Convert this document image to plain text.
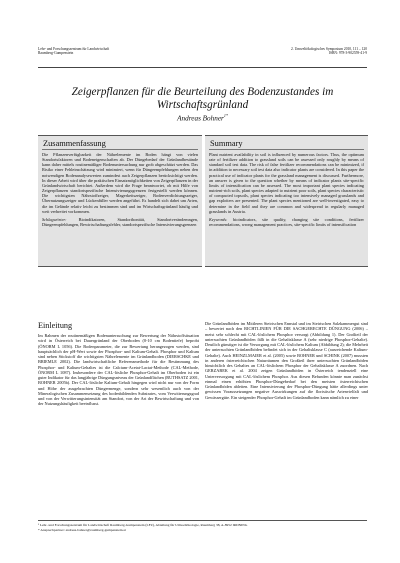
Lehr- und Forschungszentrum für Landwirtschaft
Raumberg-Gumpenstein
2. Umweltökologisches Symposium 2010, 111 – 120
ISBN: 978-3-902559-41-9
Zeigerpflanzen für die Beurteilung des Bodenzustandes im
Wirtschaftsgrünland
Andreas Bohner$^{1*}$
Zusammenfassung

Die Pflanzenverfügbarkeit der Nährelemente im Boden hängt von vielen Standortsfaktoren und Bodeneigenschaften ab. Der Düngebedarf der Grünlandbestände kann daher mittels routinemäßiger Bodenuntersuchung nur grob abgeschätzt werden. Das Risiko einer Fehleinschätzung wird minimiert, wenn für Düngeempfehlungen neben den notwendigen Bodenanalysewerten zumindest auch Zeigerpflanzen berücksichtigt werden. In dieser Arbeit wird über die praktischen Einsatzmöglichkeiten von Zeigerpflanzen in der Grünlandwirtschaft berichtet. Außerdem wird die Frage beantwortet, ob mit Hilfe von Zeigerpflanzen standortspezifische Intensivierungsgrenzen festgestellt werden können. Die wichtigsten Nährstoffzeiger, Magerkeitszeiger, Bodenverdichtungszeiger, Übernutzungszeiger und Lückenfüller werden angeführt. Es handelt sich dabei um Arten, die im Gelände relativ leicht zu bestimmen sind und im Wirtschaftsgrünland häufig und weit verbreitet vorkommen.

Schlagwörter: Bioindikatoren, Standortbonität, Standortverändemngen, Düngeempfehlungen, Bewirtschaftungsfehler, standortspezifische Intensivierungsgrenzen

Summary

Plant nutrient availability in soil is influenced by numerous factors. Thus, the optimum rate of fertilizer addition to grassland soils can be assessed only roughly by means of standard soil test data. The risk of false fertilizer recommendations can be minimized, if in addition to necessary soil test data also indicator plants are considered. In this paper the practical use of indicator plants for the grassland management is discussed. Furthermore, an answer is given to the question whether by means of indicator plants site-specific limits of intensification can be assessed. The most important plant species indicating nutrient-rich soils, plant species adapted to nutrient poor soils, plant species characteristic of compacted topsoils, plant species indicating too intensively managed grasslands and gap exploiters are presented. The plant species mentioned are well-investigated, easy to determine in the field and they are common and widespread in regularly managed grasslands in Austria.

Keywords: bioindicators, site quality, changing site conditions, fertilizer recommendations, wrong management practices, site-specific limits of intensification

Einleitung

Im Rahmen der routinemäßigen Bodenuntersuchung zur Bewertung der Nährstoffsituation wird in Österreich bei Dauergrünland der Oberboden (0-10 cm Bodentiefe) beprobt (ÖNORM L 1056). Die Bodenparameter, die zur Bewertung herangezogen werden, sind hauptsächlich der pH-Wert sowie der Phosphor- und Kalium-Gehalt. Phosphor und Kalium sind neben Stickstoff die wichtigsten Nährelemente im Grünlandboden (DIERSCHKE und BRIEMLE 2002). Die landwirtschaftliche Referenzmethode für die Bestimmung des Phosphor- und Kalium-Gehaltes ist die Calcium-Acetat-Lactat-Methode (CAL-Methode, ÖNORM L 1087). Insbesondere der CAL-lösliche Phosphor-Gehalt im Oberboden ist ein guter Indikator für das langjährige Düngungsniveau der Grünlandflächen (RUTHSATZ 2001, BOHNER 2005b). Der CAL-lösliche Kalium-Gehalt hingegen wird nicht nur von der Form und Höhe der ausgebrachten Düngermenge, sondern sehr wesentlich auch von der Mineralogischen Zusammensetzung des bodenbildenden Substrates, vom Verwitterungsgrad und von der Verwitterungsintensität am Standort, von der Art der Bewirtschaftung und von der Nutzungshäufigkeit beeinflusst.

Die Grünlandböden im Mittleren Steirischen Ennstal und im Steirischen Salzkammergut sind – bewertet nach den RICHTLINIEN FÜR DIE SACHGERECHTE DÜNGUNG (2006) – meist sehr schlecht mit CAL-löslichem Phosphor versorgt (Abbildung 1). Der Großteil der untersuchten Grünlandböden fällt in die Gehaltsklasse A (sehr niedrige Phosphor-Gehalte). Deutlich günstiger ist die Versorgung mit CAL-löslichem Kalium (Abbildung 2); die Mehrheit der untersuchten Grünlandböden befindet sich in der Gehaltsklasse C (ausreichende Kalium-Gehalte). Auch HEINZLMAIER et al. (2005) sowie BOHNER und SCHINK (2007) mussten in anderen österreichischen Naturräumen den Großteil ihrer untersuchten Grünlandböden hinsichtlich des Gehaltes an CAL-löslichem Phosphor der Gehaltsklasse A zuordnen. Nach GERZABEK et al. 2004 zeigen Grünlandböden in Österreich tendenziell eine Unterversorgung mit CAL-löslichem Phosphor. Aus diesen Befunden könnte man zunächst einmal einen erhöhten Phosphor-Düngebedarf bei den meisten österreichischen Grünlandböden ableiten. Eine Intensivierung der Phosphor-Düngung hätte allerdings unter gewissen Voraussetzungen negative Auswirkungen auf die floristische Artenvielfalt und Gewässergüte. Ein steigender Phosphor-Gehalt im Grünlandboden kann nämlich zu einer

¹ Lehr- und Forschungszentrum für Landwirtschaft Raumberg-Gumpenstein (LFZ), Abteilung für Umweltökologie, Raumberg 38, A-8952 IRDNING

* Ansprechpartner: andreas.bohner@raumberg-gumpenstein.at
